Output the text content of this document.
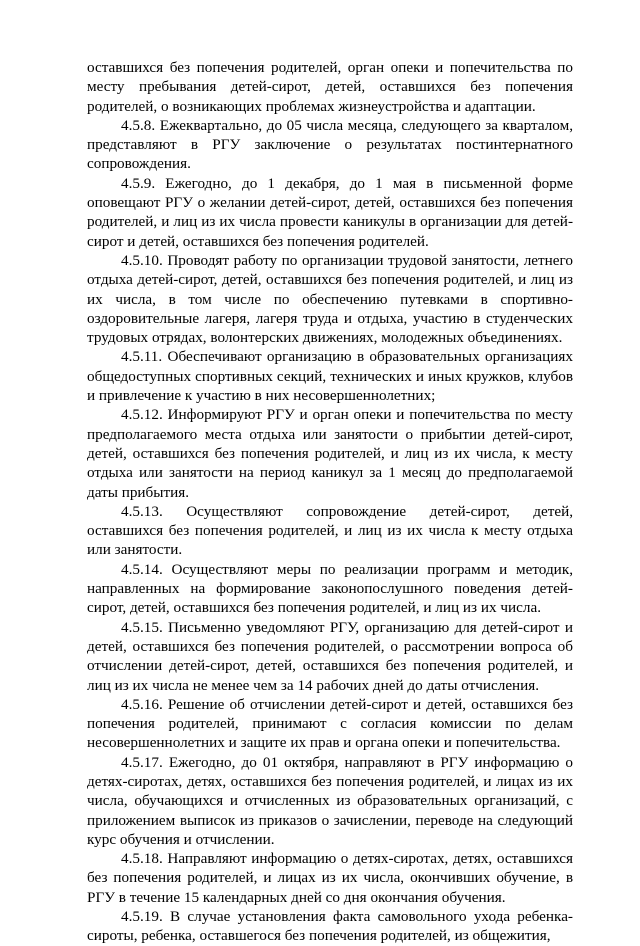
оставшихся без попечения родителей, орган опеки и попечительства по месту пребывания детей-сирот, детей, оставшихся без попечения родителей, о возникающих проблемах жизнеустройства и адаптации.

4.5.8. Ежеквартально, до 05 числа месяца, следующего за кварталом, представляют в РГУ заключение о результатах постинтернатного сопровождения.

4.5.9. Ежегодно, до 1 декабря, до 1 мая в письменной форме оповещают РГУ о желании детей-сирот, детей, оставшихся без попечения родителей, и лиц из их числа провести каникулы в организации для детей-сирот и детей, оставшихся без попечения родителей.

4.5.10. Проводят работу по организации трудовой занятости, летнего отдыха детей-сирот, детей, оставшихся без попечения родителей, и лиц из их числа, в том числе по обеспечению путевками в спортивно-оздоровительные лагеря, лагеря труда и отдыха, участию в студенческих трудовых отрядах, волонтерских движениях, молодежных объединениях.

4.5.11. Обеспечивают организацию в образовательных организациях общедоступных спортивных секций, технических и иных кружков, клубов и привлечение к участию в них несовершеннолетних;

4.5.12. Информируют РГУ и орган опеки и попечительства по месту предполагаемого места отдыха или занятости о прибытии детей-сирот, детей, оставшихся без попечения родителей, и лиц из их числа, к месту отдыха или занятости на период каникул за 1 месяц до предполагаемой даты прибытия.

4.5.13. Осуществляют сопровождение детей-сирот, детей, оставшихся без попечения родителей, и лиц из их числа к месту отдыха или занятости.

4.5.14. Осуществляют меры по реализации программ и методик, направленных на формирование законопослушного поведения детей-сирот, детей, оставшихся без попечения родителей, и лиц из их числа.

4.5.15. Письменно уведомляют РГУ, организацию для детей-сирот и детей, оставшихся без попечения родителей, о рассмотрении вопроса об отчислении детей-сирот, детей, оставшихся без попечения родителей, и лиц из их числа не менее чем за 14 рабочих дней до даты отчисления.

4.5.16. Решение об отчислении детей-сирот и детей, оставшихся без попечения родителей, принимают с согласия комиссии по делам несовершеннолетних и защите их прав и органа опеки и попечительства.

4.5.17. Ежегодно, до 01 октября, направляют в РГУ информацию о детях-сиротах, детях, оставшихся без попечения родителей, и лицах из их числа, обучающихся и отчисленных из образовательных организаций, с приложением выписок из приказов о зачислении, переводе на следующий курс обучения и отчислении.

4.5.18. Направляют информацию о детях-сиротах, детях, оставшихся без попечения родителей, и лицах из их числа, окончивших обучение, в РГУ в течение 15 календарных дней со дня окончания обучения.

4.5.19. В случае установления факта самовольного ухода ребенка-сироты, ребенка, оставшегося без попечения родителей, из общежития,
